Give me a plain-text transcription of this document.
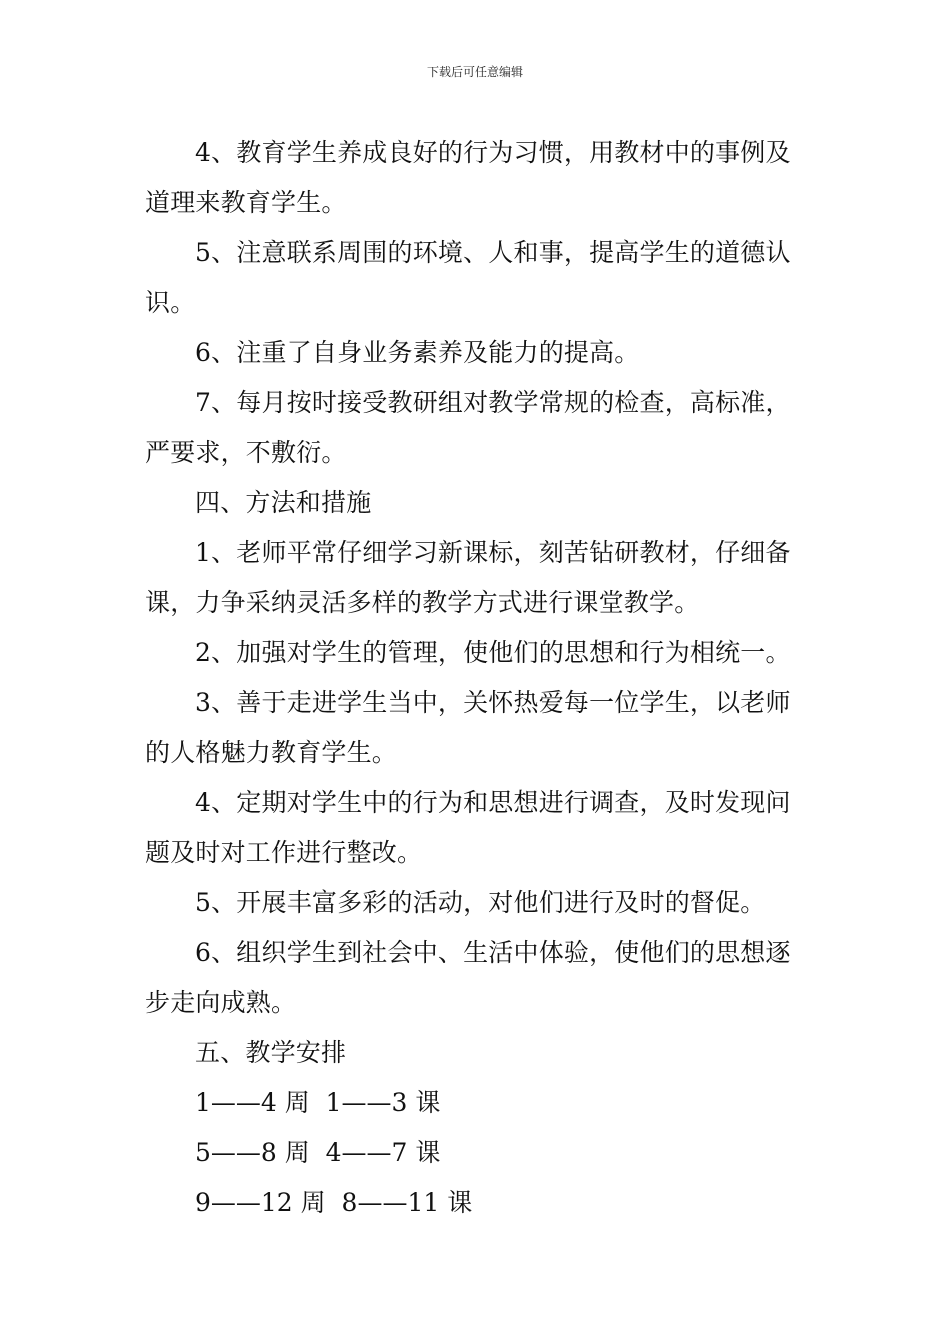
下载后可任意编辑

4、教育学生养成良好的行为习惯，用教材中的事例及道理来教育学生。

5、注意联系周围的环境、人和事，提高学生的道德认识。

6、注重了自身业务素养及能力的提高。

7、每月按时接受教研组对教学常规的检查，高标准，严要求，不敷衍。

四、方法和措施

1、老师平常仔细学习新课标，刻苦钻研教材，仔细备课，力争采纳灵活多样的教学方式进行课堂教学。

2、加强对学生的管理，使他们的思想和行为相统一。

3、善于走进学生当中，关怀热爱每一位学生，以老师的人格魅力教育学生。

4、定期对学生中的行为和思想进行调查，及时发现问题及时对工作进行整改。

5、开展丰富多彩的活动，对他们进行及时的督促。

6、组织学生到社会中、生活中体验，使他们的思想逐步走向成熟。

五、教学安排

1——4 周  1——3 课

5——8 周  4——7 课

9——12 周  8——11 课
